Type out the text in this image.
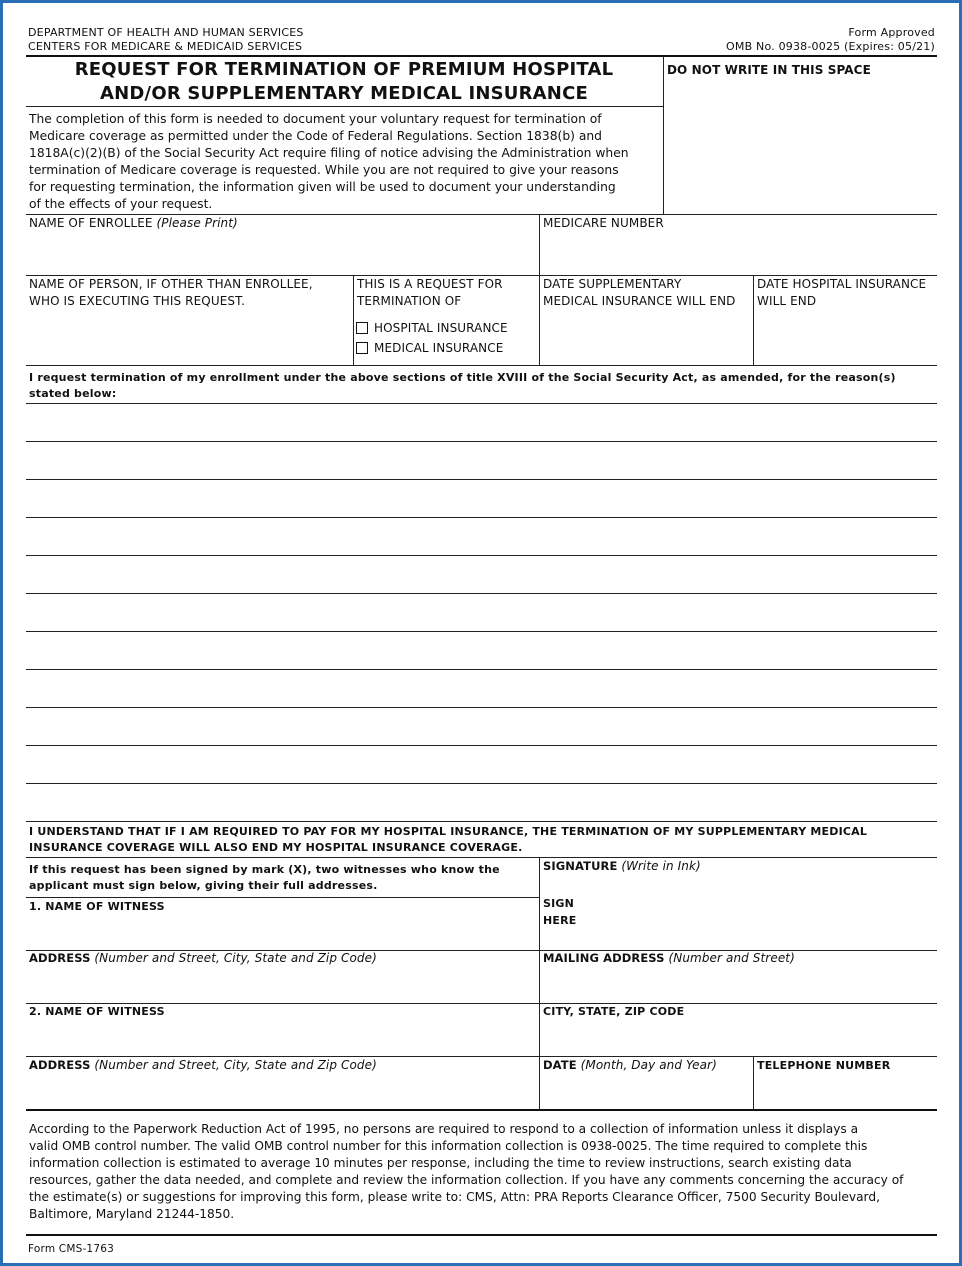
DEPARTMENT OF HEALTH AND HUMAN SERVICES
CENTERS FOR MEDICARE & MEDICAID SERVICES
Form Approved
OMB No. 0938-0025 (Expires: 05/21)
REQUEST FOR TERMINATION OF PREMIUM HOSPITAL
AND/OR SUPPLEMENTARY MEDICAL INSURANCE
DO NOT WRITE IN THIS SPACE
The completion of this form is needed to document your voluntary request for termination of
Medicare coverage as permitted under the Code of Federal Regulations. Section 1838(b) and
1818A(c)(2)(B) of the Social Security Act require filing of notice advising the Administration when
termination of Medicare coverage is requested. While you are not required to give your reasons
for requesting termination, the information given will be used to document your understanding
of the effects of your request.
NAME OF ENROLLEE (Please Print)	MEDICARE NUMBER
NAME OF PERSON, IF OTHER THAN ENROLLEE,
WHO IS EXECUTING THIS REQUEST.
THIS IS A REQUEST FOR
TERMINATION OF
HOSPITAL INSURANCE
MEDICAL INSURANCE
DATE SUPPLEMENTARY
MEDICAL INSURANCE WILL END
DATE HOSPITAL INSURANCE
WILL END
I request termination of my enrollment under the above sections of title XVIII of the Social Security Act, as amended, for the reason(s)
stated below:
I UNDERSTAND THAT IF I AM REQUIRED TO PAY FOR MY HOSPITAL INSURANCE, THE TERMINATION OF MY SUPPLEMENTARY MEDICAL
INSURANCE COVERAGE WILL ALSO END MY HOSPITAL INSURANCE COVERAGE.
If this request has been signed by mark (X), two witnesses who know the
applicant must sign below, giving their full addresses.
1. NAME OF WITNESS
SIGNATURE (Write in Ink)
SIGN
HERE
ADDRESS (Number and Street, City, State and Zip Code)	MAILING ADDRESS (Number and Street)
2. NAME OF WITNESS	CITY, STATE, ZIP CODE
ADDRESS (Number and Street, City, State and Zip Code)	DATE (Month, Day and Year)	TELEPHONE NUMBER
According to the Paperwork Reduction Act of 1995, no persons are required to respond to a collection of information unless it displays a
valid OMB control number. The valid OMB control number for this information collection is 0938-0025. The time required to complete this
information collection is estimated to average 10 minutes per response, including the time to review instructions, search existing data
resources, gather the data needed, and complete and review the information collection. If you have any comments concerning the accuracy of
the estimate(s) or suggestions for improving this form, please write to: CMS, Attn: PRA Reports Clearance Officer, 7500 Security Boulevard,
Baltimore, Maryland 21244-1850.
Form CMS-1763
